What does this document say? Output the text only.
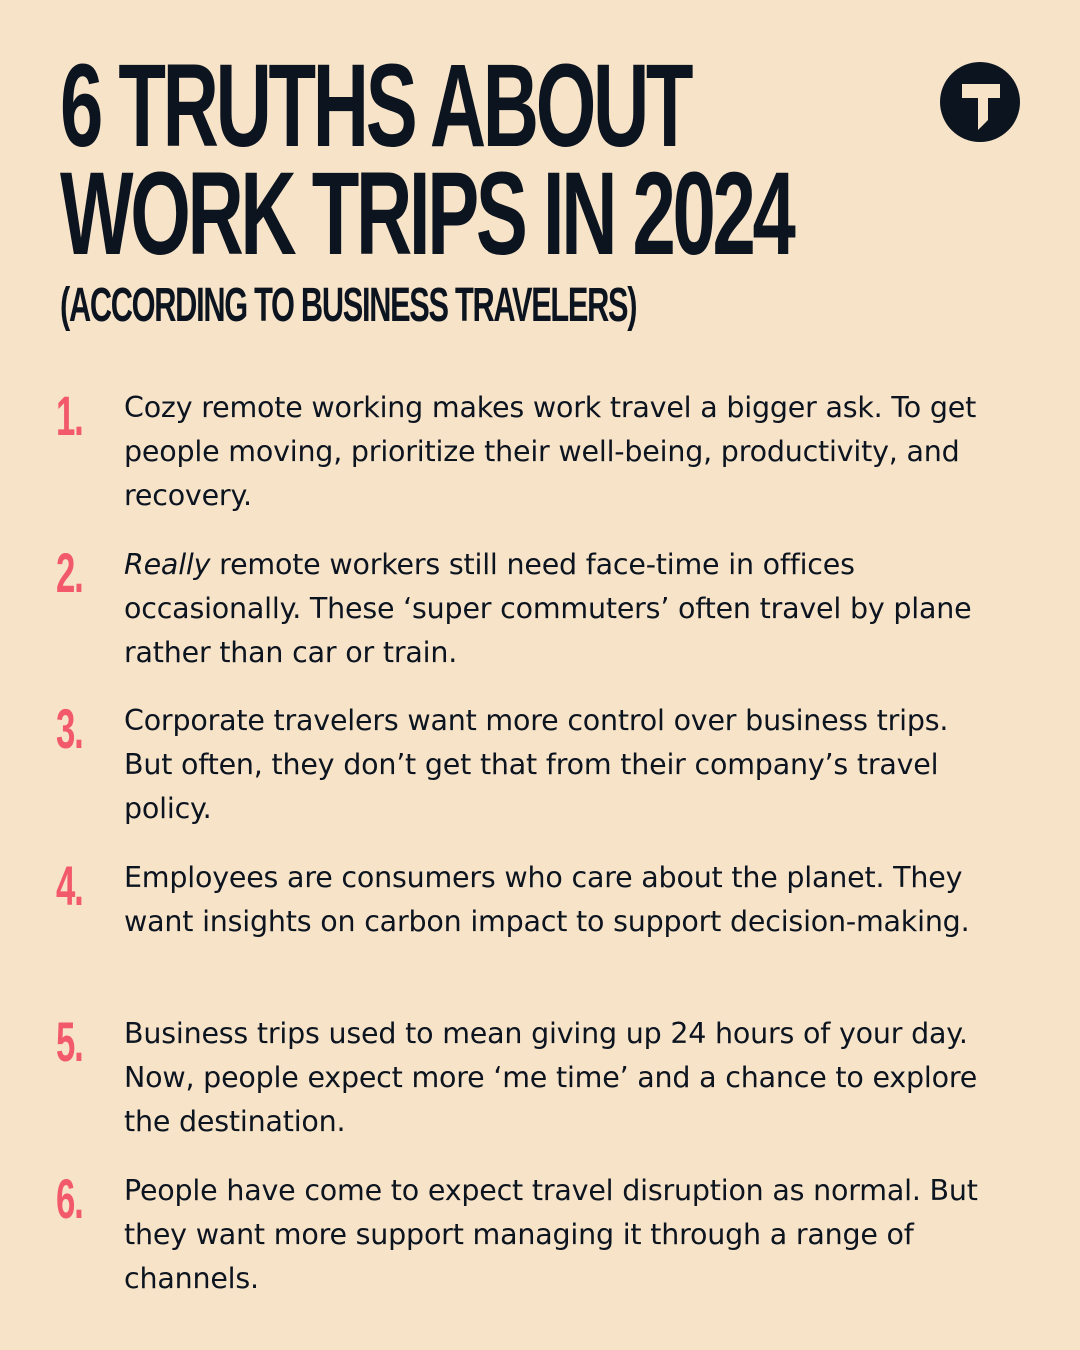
6 TRUTHS ABOUT
WORK TRIPS IN 2024
(ACCORDING TO BUSINESS TRAVELERS)
1. Cozy remote working makes work travel a bigger ask. To get people moving, prioritize their well-being, productivity, and recovery.

2. Really remote workers still need face-time in offices occasionally. These ‘super commuters’ often travel by plane rather than car or train.

3. Corporate travelers want more control over business trips. But often, they don’t get that from their company’s travel policy.

4. Employees are consumers who care about the planet. They want insights on carbon impact to support decision-making.

5. Business trips used to mean giving up 24 hours of your day. Now, people expect more ‘me time’ and a chance to explore the destination.

6. People have come to expect travel disruption as normal. But they want more support managing it through a range of channels.
